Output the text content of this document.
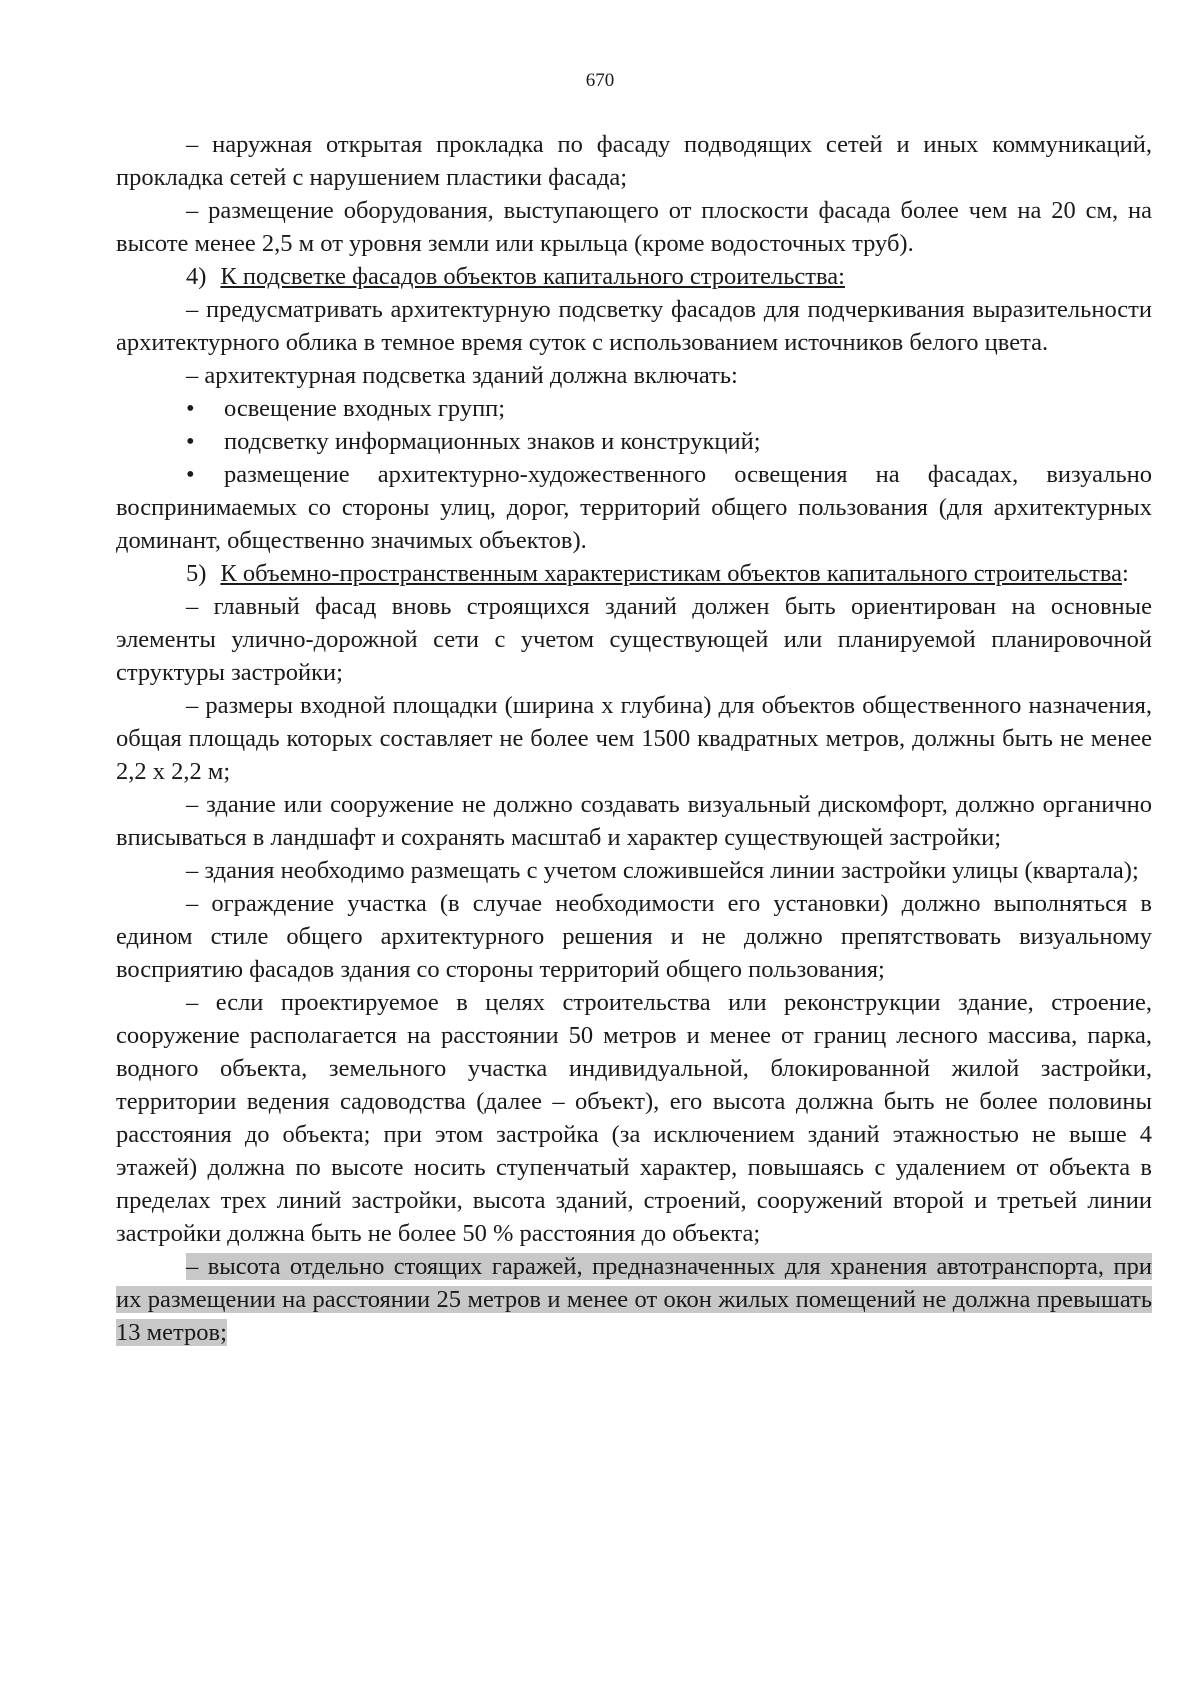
670

– наружная открытая прокладка по фасаду подводящих сетей и иных коммуникаций, прокладка сетей с нарушением пластики фасада;

– размещение оборудования, выступающего от плоскости фасада более чем на 20 см, на высоте менее 2,5 м от уровня земли или крыльца (кроме водосточных труб).

4) К подсветке фасадов объектов капитального строительства:

– предусматривать архитектурную подсветку фасадов для подчеркивания выразительности архитектурного облика в темное время суток с использованием источников белого цвета.

– архитектурная подсветка зданий должна включать:

• освещение входных групп;

• подсветку информационных знаков и конструкций;

• размещение архитектурно-художественного освещения на фасадах, визуально воспринимаемых со стороны улиц, дорог, территорий общего пользования (для архитектурных доминант, общественно значимых объектов).

5) К объемно-пространственным характеристикам объектов капитального строительства:

– главный фасад вновь строящихся зданий должен быть ориентирован на основные элементы улично-дорожной сети с учетом существующей или планируемой планировочной структуры застройки;

– размеры входной площадки (ширина х глубина) для объектов общественного назначения, общая площадь которых составляет не более чем 1500 квадратных метров, должны быть не менее 2,2 х 2,2 м;

– здание или сооружение не должно создавать визуальный дискомфорт, должно органично вписываться в ландшафт и сохранять масштаб и характер существующей застройки;

– здания необходимо размещать с учетом сложившейся линии застройки улицы (квартала);

– ограждение участка (в случае необходимости его установки) должно выполняться в едином стиле общего архитектурного решения и не должно препятствовать визуальному восприятию фасадов здания со стороны территорий общего пользования;

– если проектируемое в целях строительства или реконструкции здание, строение, сооружение располагается на расстоянии 50 метров и менее от границ лесного массива, парка, водного объекта, земельного участка индивидуальной, блокированной жилой застройки, территории ведения садоводства (далее – объект), его высота должна быть не более половины расстояния до объекта; при этом застройка (за исключением зданий этажностью не выше 4 этажей) должна по высоте носить ступенчатый характер, повышаясь с удалением от объекта в пределах трех линий застройки, высота зданий, строений, сооружений второй и третьей линии застройки должна быть не более 50 % расстояния до объекта;

– высота отдельно стоящих гаражей, предназначенных для хранения автотранспорта, при их размещении на расстоянии 25 метров и менее от окон жилых помещений не должна превышать 13 метров;
